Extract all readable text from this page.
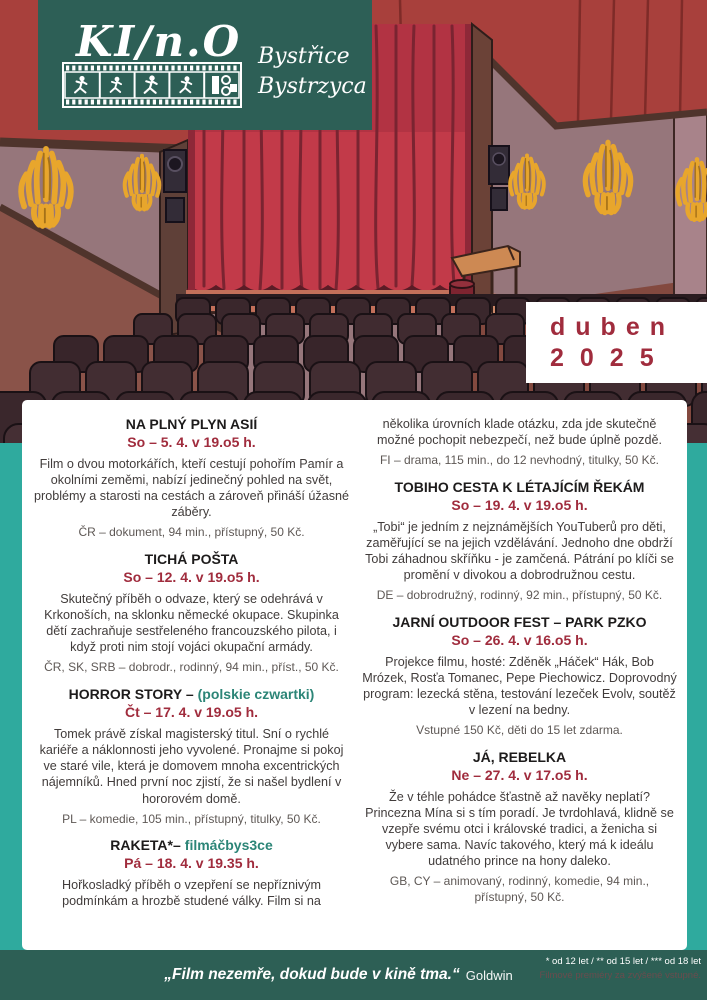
KI/n.O Bystřice
Bystrzyca
duben
2025
NA PLNÝ PLYN ASIÍ
So – 5. 4. v 19.o5 h.

Film o dvou motorkářích, kteří cestují pohořím Pamír a okolními zeměmi, nabízí jedinečný pohled na svět, problémy a starosti na cestách a zároveň přináší úžasné záběry.

ČR – dokument, 94 min., přístupný, 50 Kč.

TICHÁ POŠTA
So – 12. 4. v 19.o5 h.

Skutečný příběh o odvaze, který se odehrává v Krkonoších, na sklonku německé okupace. Skupinka dětí zachraňuje sestřeleného francouzského pilota, i když proti nim stojí vojáci okupační armády.

ČR, SK, SRB – dobrodr., rodinný, 94 min., příst., 50 Kč.

HORROR STORY – (polskie czwartki)
Čt – 17. 4. v 19.o5 h.

Tomek právě získal magisterský titul. Sní o rychlé kariéře a náklonnosti jeho vyvolené. Pronajme si pokoj ve staré vile, která je domovem mnoha excentrických nájemníků. Hned první noc zjistí, že si našel bydlení v hororovém domě.

PL – komedie, 105 min., přístupný, titulky, 50 Kč.

RAKETA*– filmáčbys3ce
Pá – 18. 4. v 19.35 h.

Hořkosladký příběh o vzepření se nepříznivým podmínkám a hrozbě studené války. Film si na

několika úrovních klade otázku, zda jde skutečně možné pochopit nebezpečí, než bude úplně pozdě.

FI – drama, 115 min., do 12 nevhodný, titulky, 50 Kč.

TOBIHO CESTA K LÉTAJÍCÍM ŘEKÁM
So – 19. 4. v 19.o5 h.

„Tobi“ je jedním z nejznámějších YouTuberů pro děti, zaměřující se na jejich vzdělávání. Jednoho dne obdrží Tobi záhadnou skříňku - je zamčená. Pátrání po klíči se promění v divokou a dobrodružnou cestu.

DE – dobrodružný, rodinný, 92 min., přístupný, 50 Kč.

JARNÍ OUTDOOR FEST – PARK PZKO
So – 26. 4. v 16.o5 h.

Projekce filmu, hosté: Zděněk „Háček“ Hák, Bob Mrózek, Rosťa Tomanec, Pepe Piechowicz. Doprovodný program: lezecká stěna, testování lezeček Evolv, soutěž v lezení na bedny.

Vstupné 150 Kč, děti do 15 let zdarma.

JÁ, REBELKA
Ne – 27. 4. v 17.o5 h.

Že v téhle pohádce šťastně až navěky neplatí? Princezna Mína si s tím poradí. Je tvrdohlavá, klidně se vzepře svému otci i královské tradici, a ženicha si vybere sama. Navíc takového, který má k ideálu udatného prince na hony daleko.

GB, CY – animovaný, rodinný, komedie, 94 min., přístupný, 50 Kč.

„Film nezemře, dokud bude v kině tma.“ Goldwin
* od 12 let / ** od 15 let / *** od 18 let
Filmové premiéry za zvýšené vstupné.
